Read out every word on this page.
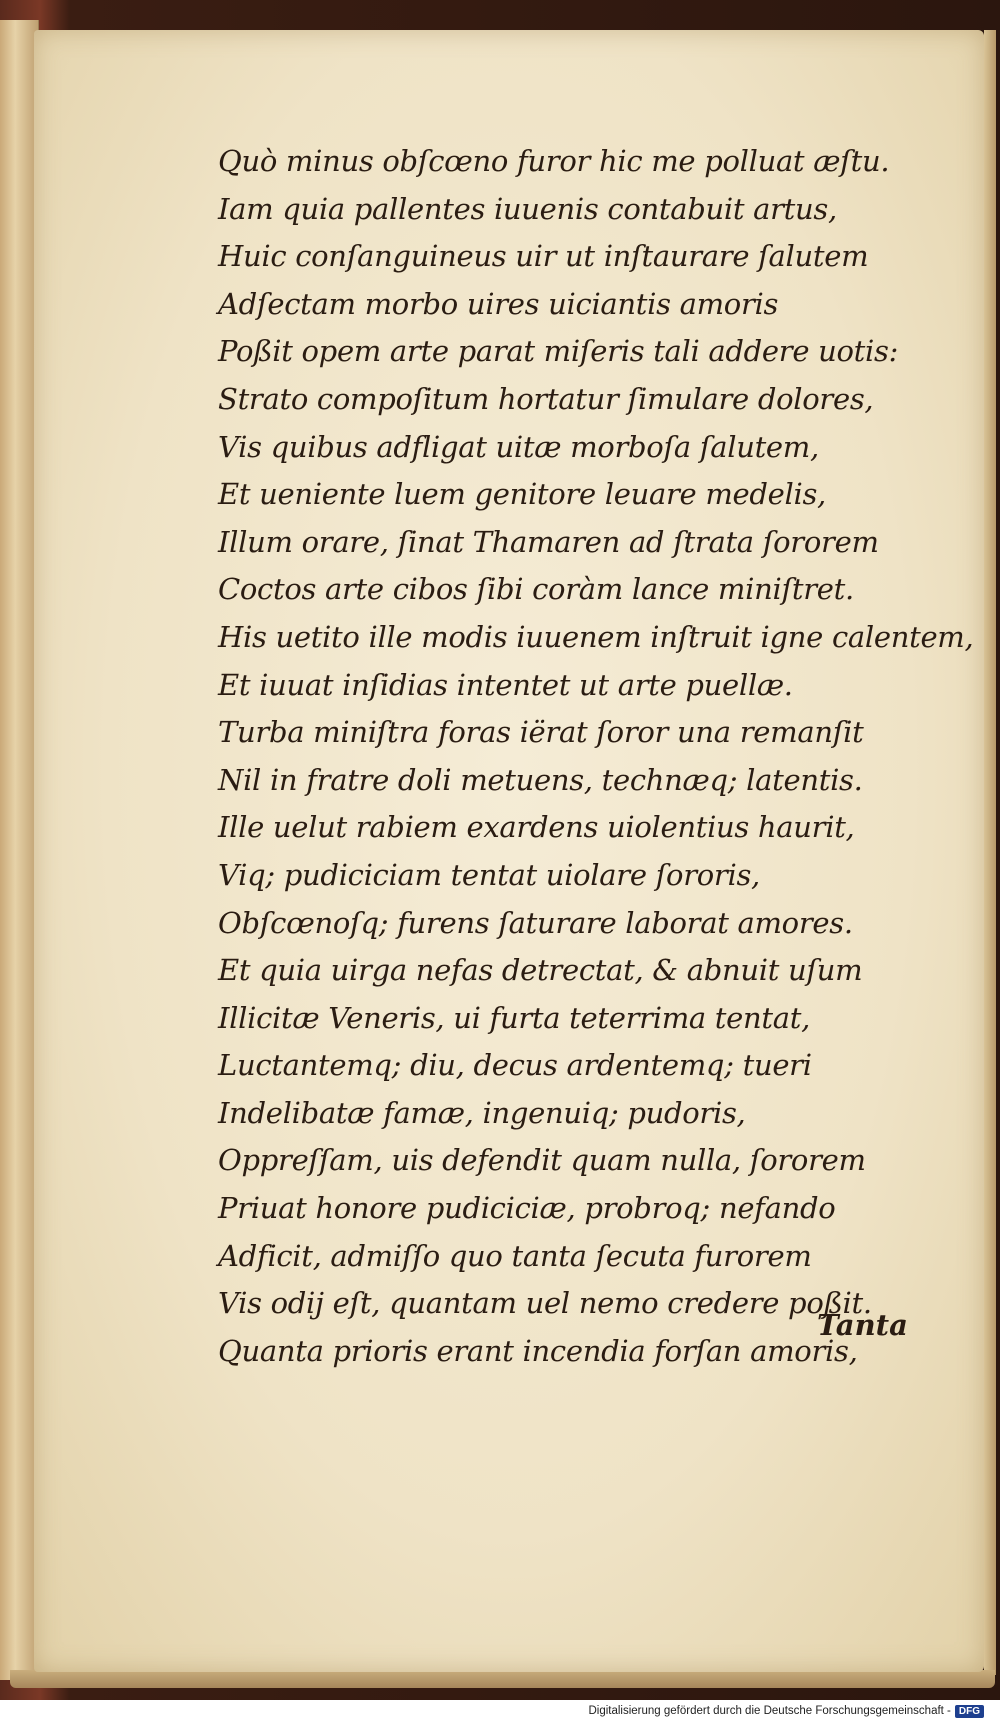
Quò minus obſcœno furor hic me polluat æſtu.
Iam quia pallentes iuuenis contabuit artus,
Huic conſanguineus uir ut inſtaurare ſalutem
Adſectam morbo uires uiciantis amoris
Poßit opem arte parat miſeris tali addere uotis:
Strato compoſitum hortatur ſimulare dolores,
Vis quibus adfligat uitæ morboſa ſalutem,
Et ueniente luem genitore leuare medelis,
Illum orare, ſinat Thamaren ad ſtrata ſororem
Coctos arte cibos ſibi coràm lance miniſtret.
His uetito ille modis iuuenem inſtruit igne calentem,
Et iuuat inſidias intentet ut arte puellæ.
Turba miniſtra foras iërat ſoror una remanſit
Nil in fratre doli metuens, technæq; latentis.
Ille uelut rabiem exardens uiolentius haurit,
Viq; pudiciciam tentat uiolare ſororis,
Obſcœnoſq; furens ſaturare laborat amores.
Et quia uirga nefas detrectat, & abnuit uſum
Illicitæ Veneris, ui furta teterrima tentat,
Luctantemq; diu, decus ardentemq; tueri
Indelibatæ famæ, ingenuiq; pudoris,
Oppreſſam, uis defendit quam nulla, ſororem
Priuat honore pudiciciæ, probroq; nefando
Adficit, admiſſo quo tanta ſecuta furorem
Vis odij eſt, quantam uel nemo credere poßit.
Quanta prioris erant incendia forſan amoris,
Tanta
Digitalisierung gefördert durch die Deutsche Forschungsgemeinschaft - DFG
